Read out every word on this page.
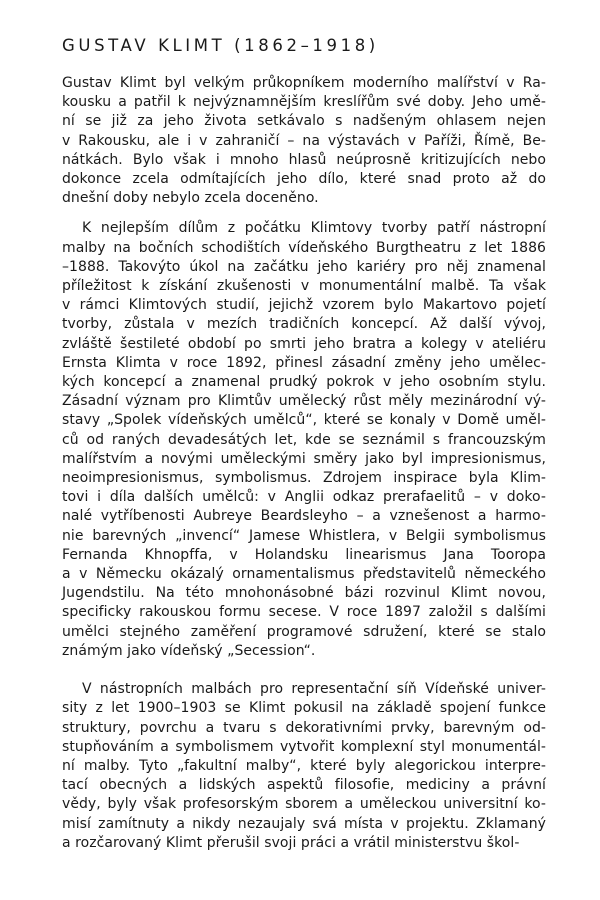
GUSTAV KLIMT (1862–1918)

Gustav Klimt byl velkým průkopníkem moderního malířství v Ra-

kousku a patřil k nejvýznamnějším kreslířům své doby. Jeho umě-

ní se již za jeho života setkávalo s nadšeným ohlasem nejen

v Rakousku, ale i v zahraničí – na výstavách v Paříži, Římě, Be-

nátkách. Bylo však i mnoho hlasů neúprosně kritizujících nebo

dokonce zcela odmítajících jeho dílo, které snad proto až do

dnešní doby nebylo zcela doceněno.

K nejlepším dílům z počátku Klimtovy tvorby patří nástropní

malby na bočních schodištích vídeňského Burgtheatru z let 1886

–1888. Takovýto úkol na začátku jeho kariéry pro něj znamenal

příležitost k získání zkušenosti v monumentální malbě. Ta však

v rámci Klimtových studií, jejichž vzorem bylo Makartovo pojetí

tvorby, zůstala v mezích tradičních koncepcí. Až další vývoj,

zvláště šestileté období po smrti jeho bratra a kolegy v ateliéru

Ernsta Klimta v roce 1892, přinesl zásadní změny jeho umělec-

kých koncepcí a znamenal prudký pokrok v jeho osobním stylu.

Zásadní význam pro Klimtův umělecký růst měly mezinárodní vý-

stavy „Spolek vídeňských umělců“, které se konaly v Domě uměl-

ců od raných devadesátých let, kde se seznámil s francouzským

malířstvím a novými uměleckými směry jako byl impresionismus,

neoimpresionismus, symbolismus. Zdrojem inspirace byla Klim-

tovi i díla dalších umělců: v Anglii odkaz prerafaelitů – v doko-

nalé vytříbenosti Aubreye Beardsleyho – a vznešenost a harmo-

nie barevných „invencí“ Jamese Whistlera, v Belgii symbolismus

Fernanda Khnopffa, v Holandsku linearismus Jana Tooropa

a v Německu okázalý ornamentalismus představitelů německého

Jugendstilu. Na této mnohonásobné bázi rozvinul Klimt novou,

specificky rakouskou formu secese. V roce 1897 založil s dalšími

umělci stejného zaměření programové sdružení, které se stalo

známým jako vídeňský „Secession“.

V nástropních malbách pro representační síň Vídeňské univer-

sity z let 1900–1903 se Klimt pokusil na základě spojení funkce

struktury, povrchu a tvaru s dekorativními prvky, barevným od-

stupňováním a symbolismem vytvořit komplexní styl monumentál-

ní malby. Tyto „fakultní malby“, které byly alegorickou interpre-

tací obecných a lidských aspektů filosofie, mediciny a právní

vědy, byly však profesorským sborem a uměleckou universitní ko-

misí zamítnuty a nikdy nezaujaly svá místa v projektu. Zklamaný

a rozčarovaný Klimt přerušil svoji práci a vrátil ministerstvu škol-
